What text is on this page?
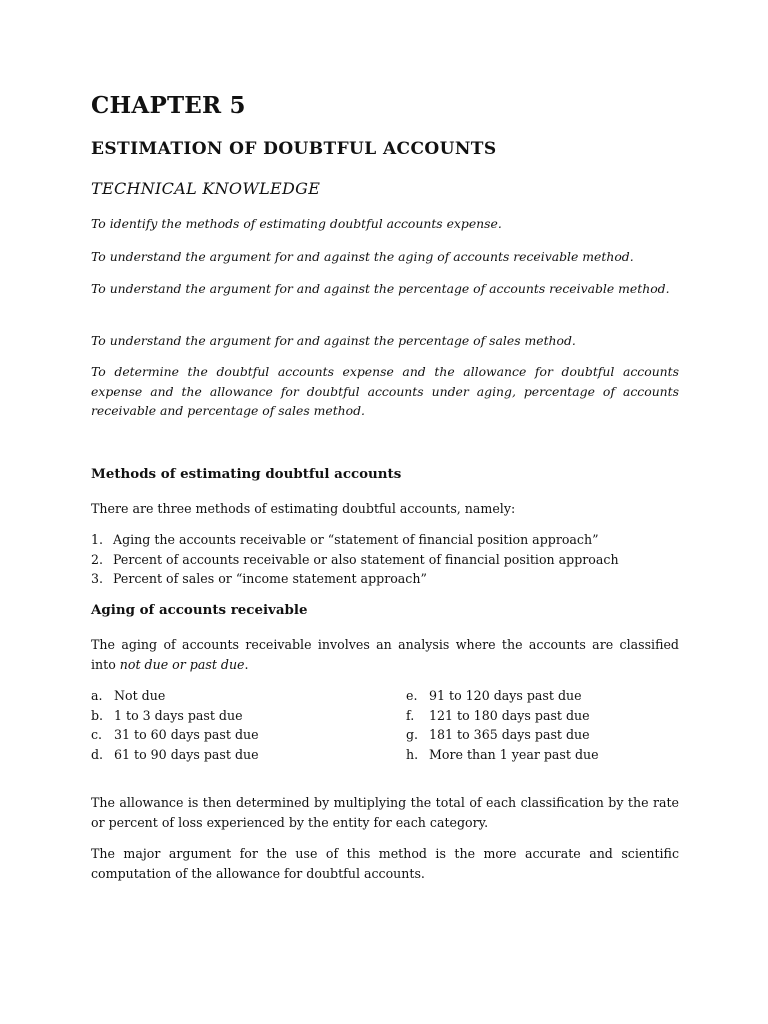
CHAPTER 5
ESTIMATION OF DOUBTFUL ACCOUNTS
TECHNICAL KNOWLEDGE

To identify the methods of estimating doubtful accounts expense.

To understand the argument for and against the aging of accounts receivable method.

To understand the argument for and against the percentage of accounts receivable method.

To understand the argument for and against the percentage of sales method.

To determine the doubtful accounts expense and the allowance for doubtful accounts expense and the allowance for doubtful accounts under aging, percentage of accounts receivable and percentage of sales method.

Methods of estimating doubtful accounts

There are three methods of estimating doubtful accounts, namely:

1. Aging the accounts receivable or “statement of financial position approach”
2. Percent of accounts receivable or also statement of financial position approach
3. Percent of sales or “income statement approach”
Aging of accounts receivable

The aging of accounts receivable involves an analysis where the accounts are classified into not due or past due.

a. Not due
b. 1 to 3 days past due
c. 31 to 60 days past due
d. 61 to 90 days past due
e. 91 to 120 days past due
f.	121 to 180 days past due
g. 181 to 365 days past due
h. More than 1 year past due

The allowance is then determined by multiplying the total of each classification by the rate or percent of loss experienced by the entity for each category.

The major argument for the use of this method is the more accurate and scientific computation of the allowance for doubtful accounts.
